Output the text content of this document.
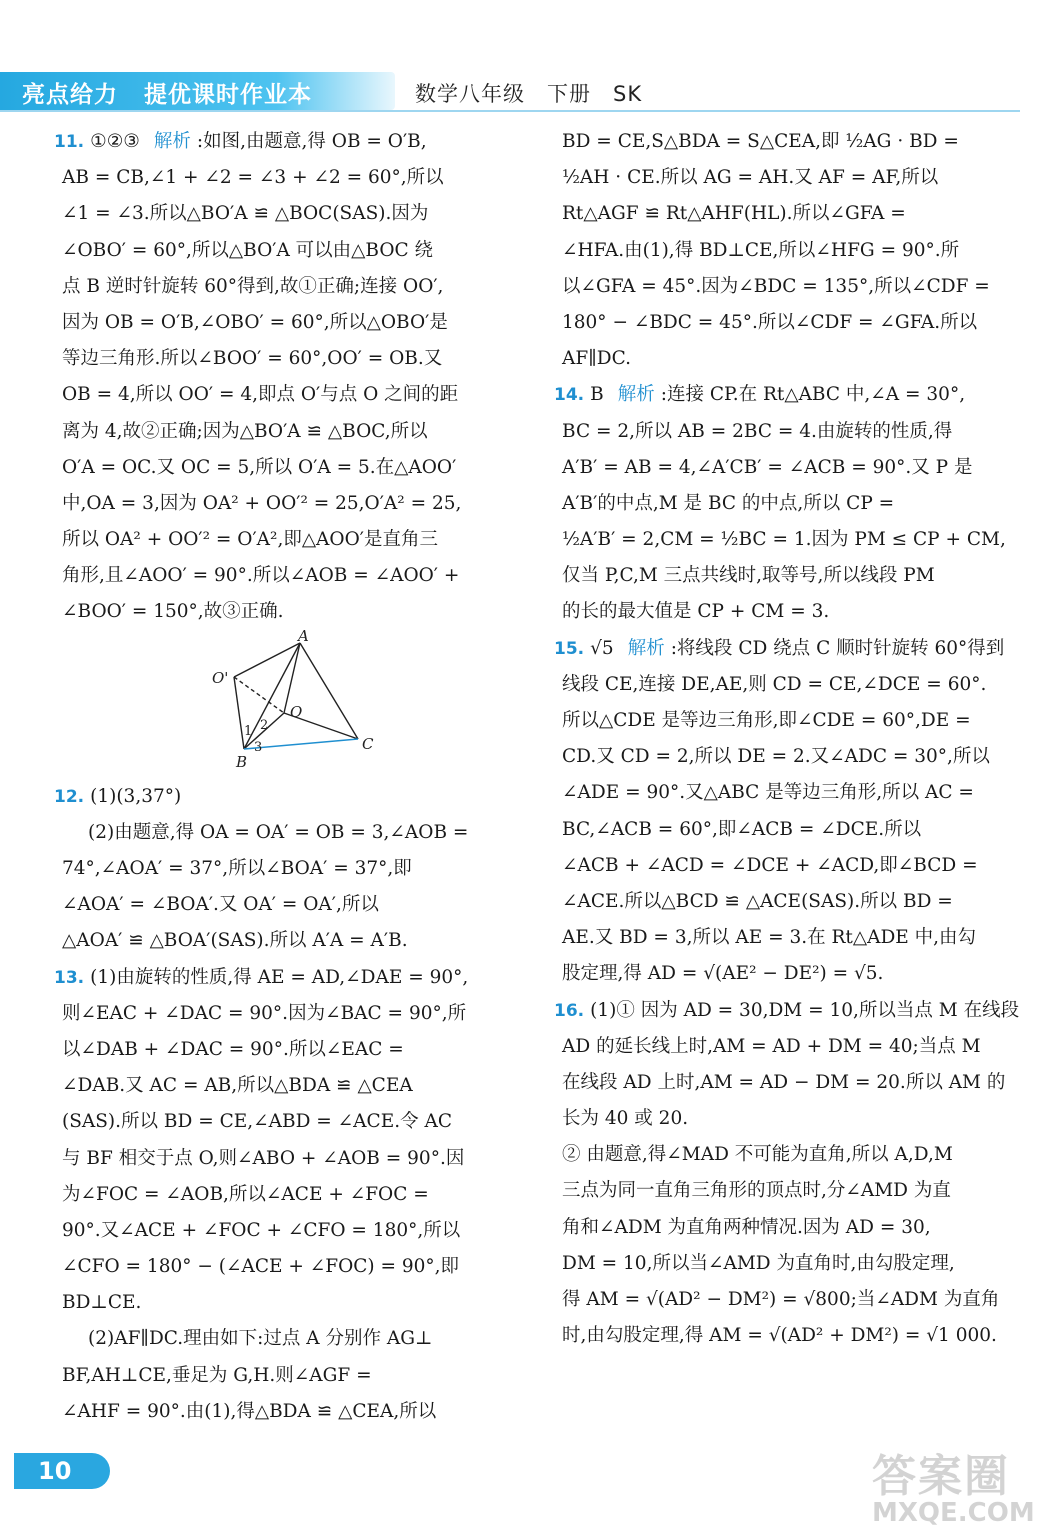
亮点给力 提优课时作业本	数学八年级 下册 SK
11. ①②③ 解析 :如图,由题意,得 OB = O′B,
AB = CB,∠1 + ∠2 = ∠3 + ∠2 = 60°,所以
∠1 = ∠3.所以△BO′A ≌ △BOC(SAS).因为
∠OBO′ = 60°,所以△BO′A 可以由△BOC 绕
点 B 逆时针旋转 60°得到,故①正确;连接 OO′,
因为 OB = O′B,∠OBO′ = 60°,所以△OBO′是
等边三角形.所以∠BOO′ = 60°,OO′ = OB.又
OB = 4,所以 OO′ = 4,即点 O′与点 O 之间的距
离为 4,故②正确;因为△BO′A ≌ △BOC,所以
O′A = OC.又 OC = 5,所以 O′A = 5.在△AOO′
中,OA = 3,因为 OA² + OO′² = 25,O′A² = 25,
所以 OA² + OO′² = O′A²,即△AOO′是直角三
角形,且∠AOO′ = 90°.所以∠AOB = ∠AOO′ +
∠BOO′ = 150°,故③正确.
A
O'
O
B
C
1 2
3
12. (1)(3,37°)
(2)由题意,得 OA = OA′ = OB = 3,∠AOB =
74°,∠AOA′ = 37°,所以∠BOA′ = 37°,即
∠AOA′ = ∠BOA′.又 OA′ = OA′,所以
△AOA′ ≌ △BOA′(SAS).所以 A′A = A′B.
13. (1)由旋转的性质,得 AE = AD,∠DAE = 90°,
则∠EAC + ∠DAC = 90°.因为∠BAC = 90°,所
以∠DAB + ∠DAC = 90°.所以∠EAC =
∠DAB.又 AC = AB,所以△BDA ≌ △CEA
(SAS).所以 BD = CE,∠ABD = ∠ACE.令 AC
与 BF 相交于点 O,则∠ABO + ∠AOB = 90°.因
为∠FOC = ∠AOB,所以∠ACE + ∠FOC =
90°.又∠ACE + ∠FOC + ∠CFO = 180°,所以
∠CFO = 180° − (∠ACE + ∠FOC) = 90°,即
BD⊥CE.
(2)AF∥DC.理由如下:过点 A 分别作 AG⊥
BF,AH⊥CE,垂足为 G,H.则∠AGF =
∠AHF = 90°.由(1),得△BDA ≌ △CEA,所以
BD = CE,S△BDA = S△CEA,即 ½AG · BD =
½AH · CE.所以 AG = AH.又 AF = AF,所以
Rt△AGF ≌ Rt△AHF(HL).所以∠GFA =
∠HFA.由(1),得 BD⊥CE,所以∠HFG = 90°.所
以∠GFA = 45°.因为∠BDC = 135°,所以∠CDF =
180° − ∠BDC = 45°.所以∠CDF = ∠GFA.所以
AF∥DC.
14. B 解析 :连接 CP.在 Rt△ABC 中,∠A = 30°,
BC = 2,所以 AB = 2BC = 4.由旋转的性质,得
A′B′ = AB = 4,∠A′CB′ = ∠ACB = 90°.又 P 是
A′B′的中点,M 是 BC 的中点,所以 CP =
½A′B′ = 2,CM = ½BC = 1.因为 PM ≤ CP + CM,
仅当 P,C,M 三点共线时,取等号,所以线段 PM
的长的最大值是 CP + CM = 3.
15. √5 解析 :将线段 CD 绕点 C 顺时针旋转 60°得到
线段 CE,连接 DE,AE,则 CD = CE,∠DCE = 60°.
所以△CDE 是等边三角形,即∠CDE = 60°,DE =
CD.又 CD = 2,所以 DE = 2.又∠ADC = 30°,所以
∠ADE = 90°.又△ABC 是等边三角形,所以 AC =
BC,∠ACB = 60°,即∠ACB = ∠DCE.所以
∠ACB + ∠ACD = ∠DCE + ∠ACD,即∠BCD =
∠ACE.所以△BCD ≌ △ACE(SAS).所以 BD =
AE.又 BD = 3,所以 AE = 3.在 Rt△ADE 中,由勾
股定理,得 AD = √(AE² − DE²) = √5.
16. (1)① 因为 AD = 30,DM = 10,所以当点 M 在线段
AD 的延长线上时,AM = AD + DM = 40;当点 M
在线段 AD 上时,AM = AD − DM = 20.所以 AM 的
长为 40 或 20.
② 由题意,得∠MAD 不可能为直角,所以 A,D,M
三点为同一直角三角形的顶点时,分∠AMD 为直
角和∠ADM 为直角两种情况.因为 AD = 30,
DM = 10,所以当∠AMD 为直角时,由勾股定理,
得 AM = √(AD² − DM²) = √800;当∠ADM 为直角
时,由勾股定理,得 AM = √(AD² + DM²) = √1 000.
10	答案圈
MXQE.COM
